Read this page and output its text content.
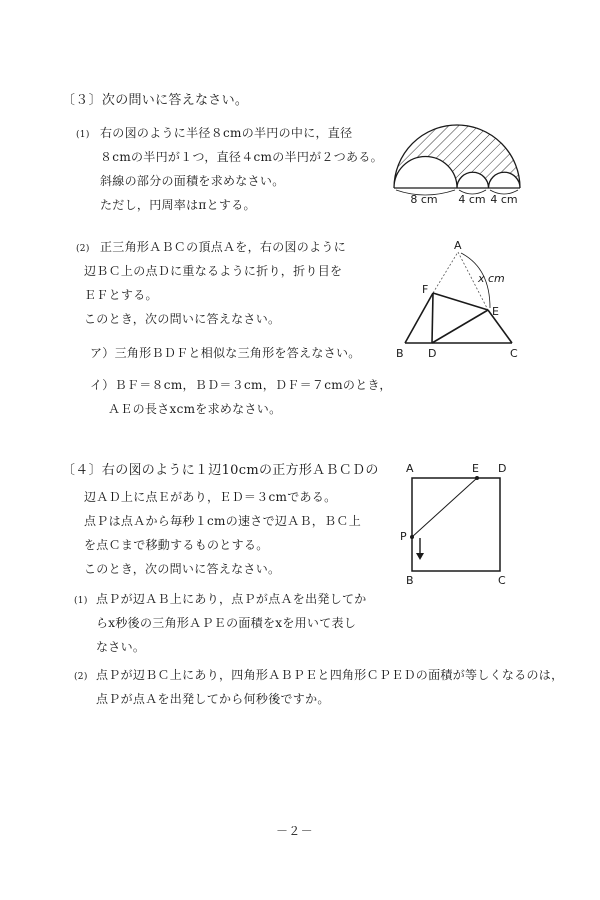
〔３〕次の問いに答えなさい。
(1) 右の図のように半径８cmの半円の中に，直径
８cmの半円が１つ，直径４cmの半円が２つある。
斜線の部分の面積を求めなさい。
ただし，円周率はπとする。	8 cm 4 cm 4 cm
(2) 正三角形ＡＢＣの頂点Ａを，右の図のように
辺ＢＣ上の点Ｄに重なるように折り，折り目を
ＥＦとする。
このとき，次の問いに答えなさい。
ア）三角形ＢＤＦと相似な三角形を答えなさい。
イ）ＢＦ＝８cm，ＢＤ＝３cm，ＤＦ＝７cmのとき，
ＡＥの長さxcmを求めなさい。
A
x cm
F
E
B D	C
〔４〕右の図のように１辺10cmの正方形ＡＢＣＤの
辺ＡＤ上に点Ｅがあり，ＥＤ＝３cmである。
点Ｐは点Ａから毎秒１cmの速さで辺ＡＢ，ＢＣ上
を点Ｃまで移動するものとする。
このとき，次の問いに答えなさい。
(1) 点Ｐが辺ＡＢ上にあり，点Ｐが点Ａを出発してか
らx秒後の三角形ＡＰＥの面積をxを用いて表し
なさい。
(2) 点Ｐが辺ＢＣ上にあり，四角形ＡＢＰＥと四角形ＣＰＥＤの面積が等しくなるのは，
点Ｐが点Ａを出発してから何秒後ですか。
A	E D
P
B	C
－２－
